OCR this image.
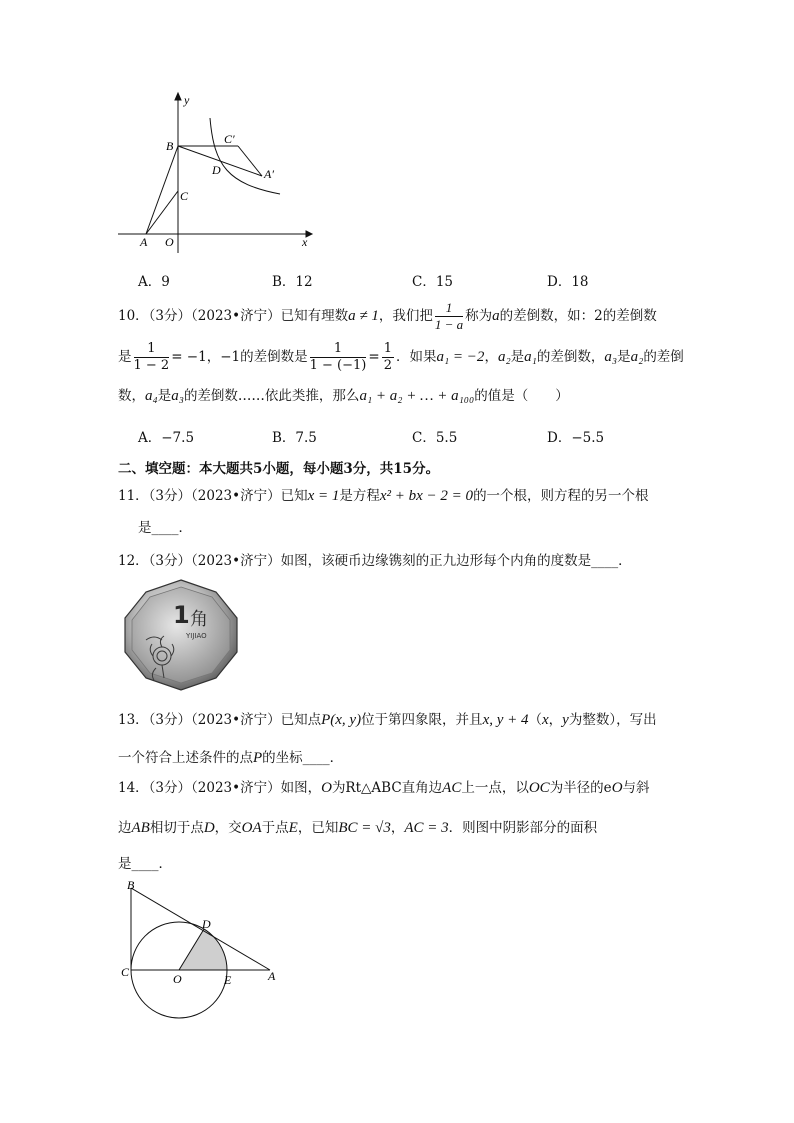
y
x
B	C′
D	A′
C
A O
A．9	B．12	C．15	D．18
10．（3分）（2023•济宁）已知有理数a ≠ 1，我们把 $\frac{1}{1 - a}$ 称为a的差倒数，如：2的差倒数
是 $\frac{1}{1 - 2} = -1$，−1的差倒数是 $\frac{1}{1 - (-1)} = \frac{1}{2}$ ．如果a₁ = −2，a₂是a₁的差倒数，a₃是a₂的差倒
数，a₄是a₃的差倒数……依此类推，那么a₁ + a₂ + … + a₁₀₀的值是（　　）
A．−7.5	B．7.5	C．5.5	D．−5.5
二、填空题：本大题共5小题，每小题3分，共15分。
11．（3分）（2023•济宁）已知x = 1是方程x² + bx − 2 = 0的一个根，则方程的另一个根
是____．
12．（3分）（2023•济宁）如图，该硬币边缘镌刻的正九边形每个内角的度数是____．
1 角
YIJIAO
13．（3分）（2023•济宁）已知点P(x, y)位于第四象限，并且x, y + 4（x，y为整数），写出
一个符合上述条件的点P的坐标____．
14．（3分）（2023•济宁）如图，O为Rt△ABC直角边AC上一点，以OC为半径的eO与斜
边AB相切于点D，交OA于点E，已知BC = √3，AC = 3．则图中阴影部分的面积
是____．
B
D
C	O	E	A
